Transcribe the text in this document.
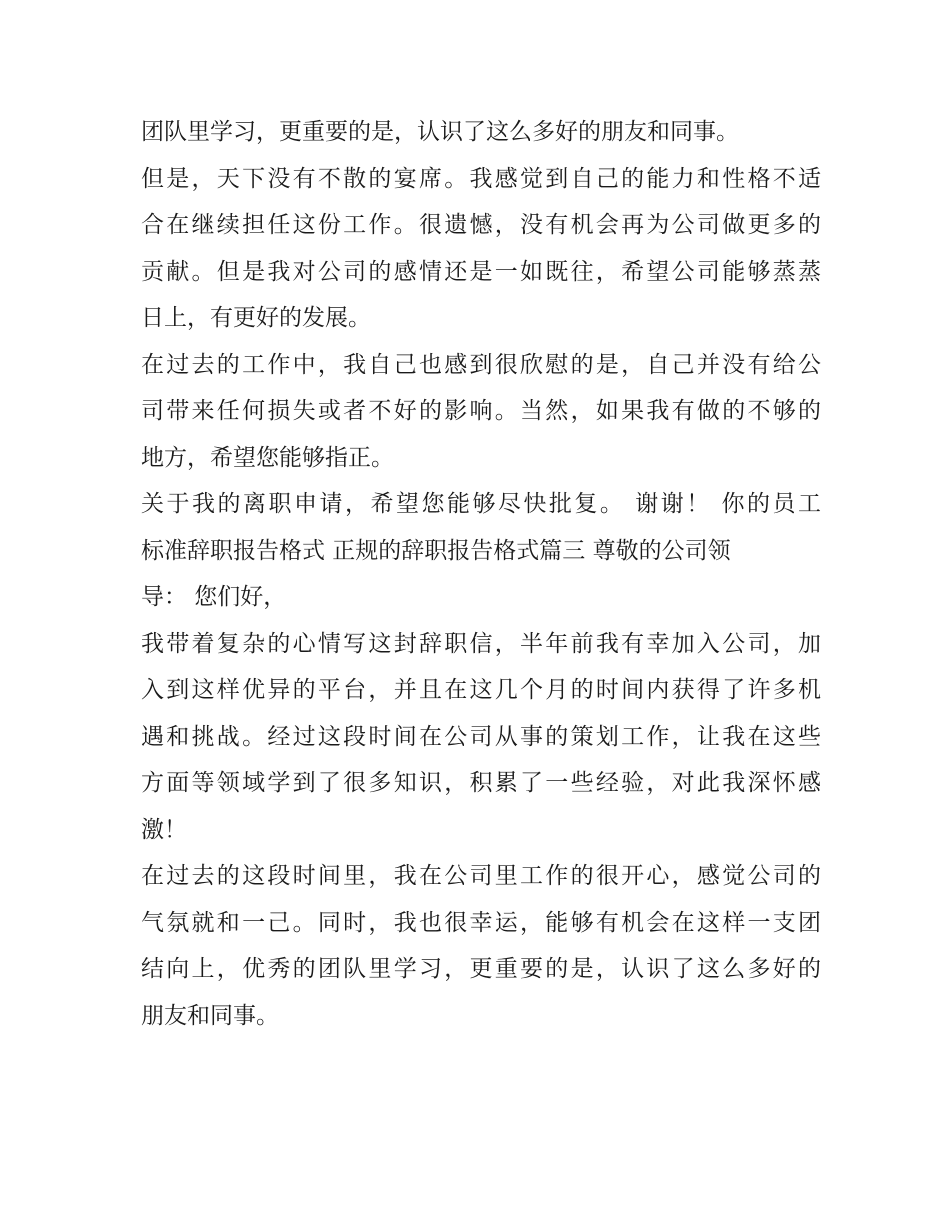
团队里学习，更重要的是，认识了这么多好的朋友和同事。
但是，天下没有不散的宴席。我感觉到自己的能力和性格不适
合在继续担任这份工作。很遗憾，没有机会再为公司做更多的
贡献。但是我对公司的感情还是一如既往，希望公司能够蒸蒸
日上，有更好的发展。
在过去的工作中，我自己也感到很欣慰的是，自己并没有给公
司带来任何损失或者不好的影响。当然，如果我有做的不够的
地方，希望您能够指正。
关于我的离职申请，希望您能够尽快批复。 谢谢！ 你的员工
标准辞职报告格式 正规的辞职报告格式篇三 尊敬的公司领
导： 您们好，
我带着复杂的心情写这封辞职信，半年前我有幸加入公司，加
入到这样优异的平台，并且在这几个月的时间内获得了许多机
遇和挑战。经过这段时间在公司从事的策划工作，让我在这些
方面等领域学到了很多知识，积累了一些经验，对此我深怀感
激！
在过去的这段时间里，我在公司里工作的很开心，感觉公司的
气氛就和一己。同时，我也很幸运，能够有机会在这样一支团
结向上，优秀的团队里学习，更重要的是，认识了这么多好的
朋友和同事。
